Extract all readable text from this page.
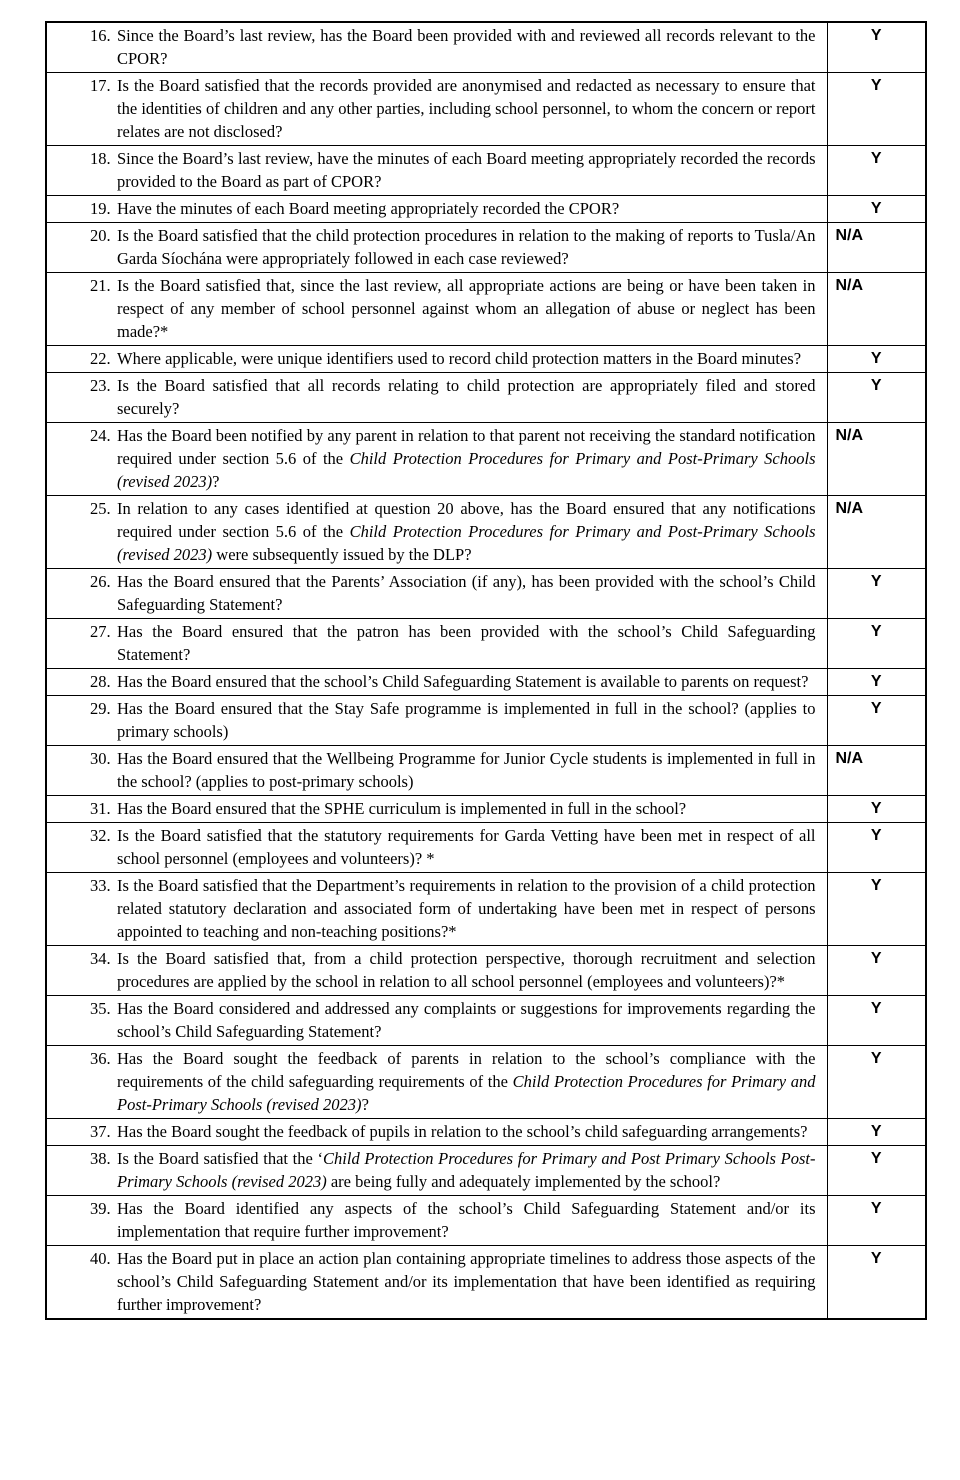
16. Since the Board’s last review, has the Board been provided with and reviewed all records relevant to the CPOR?	Y

17. Is the Board satisfied that the records provided are anonymised and redacted as necessary to ensure that the identities of children and any other parties, including school personnel, to whom the concern or report relates are not disclosed?	Y

18. Since the Board’s last review, have the minutes of each Board meeting appropriately recorded the records provided to the Board as part of CPOR?	Y

19. Have the minutes of each Board meeting appropriately recorded the CPOR?	Y

20. Is the Board satisfied that the child protection procedures in relation to the making of reports to Tusla/An Garda Síochána were appropriately followed in each case reviewed?	N/A

21. Is the Board satisfied that, since the last review, all appropriate actions are being or have been taken in respect of any member of school personnel against whom an allegation of abuse or neglect has been made?*	N/A

22. Where applicable, were unique identifiers used to record child protection matters in the Board minutes?	Y

23. Is the Board satisfied that all records relating to child protection are appropriately filed and stored securely?	Y

24. Has the Board been notified by any parent in relation to that parent not receiving the standard notification required under section 5.6 of the Child Protection Procedures for Primary and Post-Primary Schools (revised 2023)?	N/A

25. In relation to any cases identified at question 20 above, has the Board ensured that any notifications required under section 5.6 of the Child Protection Procedures for Primary and Post-Primary Schools (revised 2023) were subsequently issued by the DLP?	N/A

26. Has the Board ensured that the Parents’ Association (if any), has been provided with the school’s Child Safeguarding Statement?	Y

27. Has the Board ensured that the patron has been provided with the school’s Child Safeguarding Statement?	Y

28. Has the Board ensured that the school’s Child Safeguarding Statement is available to parents on request?	Y

29. Has the Board ensured that the Stay Safe programme is implemented in full in the school? (applies to primary schools)	Y

30. Has the Board ensured that the Wellbeing Programme for Junior Cycle students is implemented in full in the school? (applies to post-primary schools)	N/A

31. Has the Board ensured that the SPHE curriculum is implemented in full in the school?	Y

32. Is the Board satisfied that the statutory requirements for Garda Vetting have been met in respect of all school personnel (employees and volunteers)? *	Y

33. Is the Board satisfied that the Department’s requirements in relation to the provision of a child protection related statutory declaration and associated form of undertaking have been met in respect of persons appointed to teaching and non-teaching positions?*	Y

34. Is the Board satisfied that, from a child protection perspective, thorough recruitment and selection procedures are applied by the school in relation to all school personnel (employees and volunteers)?*	Y

35. Has the Board considered and addressed any complaints or suggestions for improvements regarding the school’s Child Safeguarding Statement?	Y

36. Has the Board sought the feedback of parents in relation to the school’s compliance with the requirements of the child safeguarding requirements of the Child Protection Procedures for Primary and Post-Primary Schools (revised 2023)?	Y

37. Has the Board sought the feedback of pupils in relation to the school’s child safeguarding arrangements?	Y

38. Is the Board satisfied that the ‘Child Protection Procedures for Primary and Post Primary Schools Post-Primary Schools (revised 2023) are being fully and adequately implemented by the school?	Y

39. Has the Board identified any aspects of the school’s Child Safeguarding Statement and/or its implementation that require further improvement?	Y

40. Has the Board put in place an action plan containing appropriate timelines to address those aspects of the school’s Child Safeguarding Statement and/or its implementation that have been identified as requiring further improvement?	Y
